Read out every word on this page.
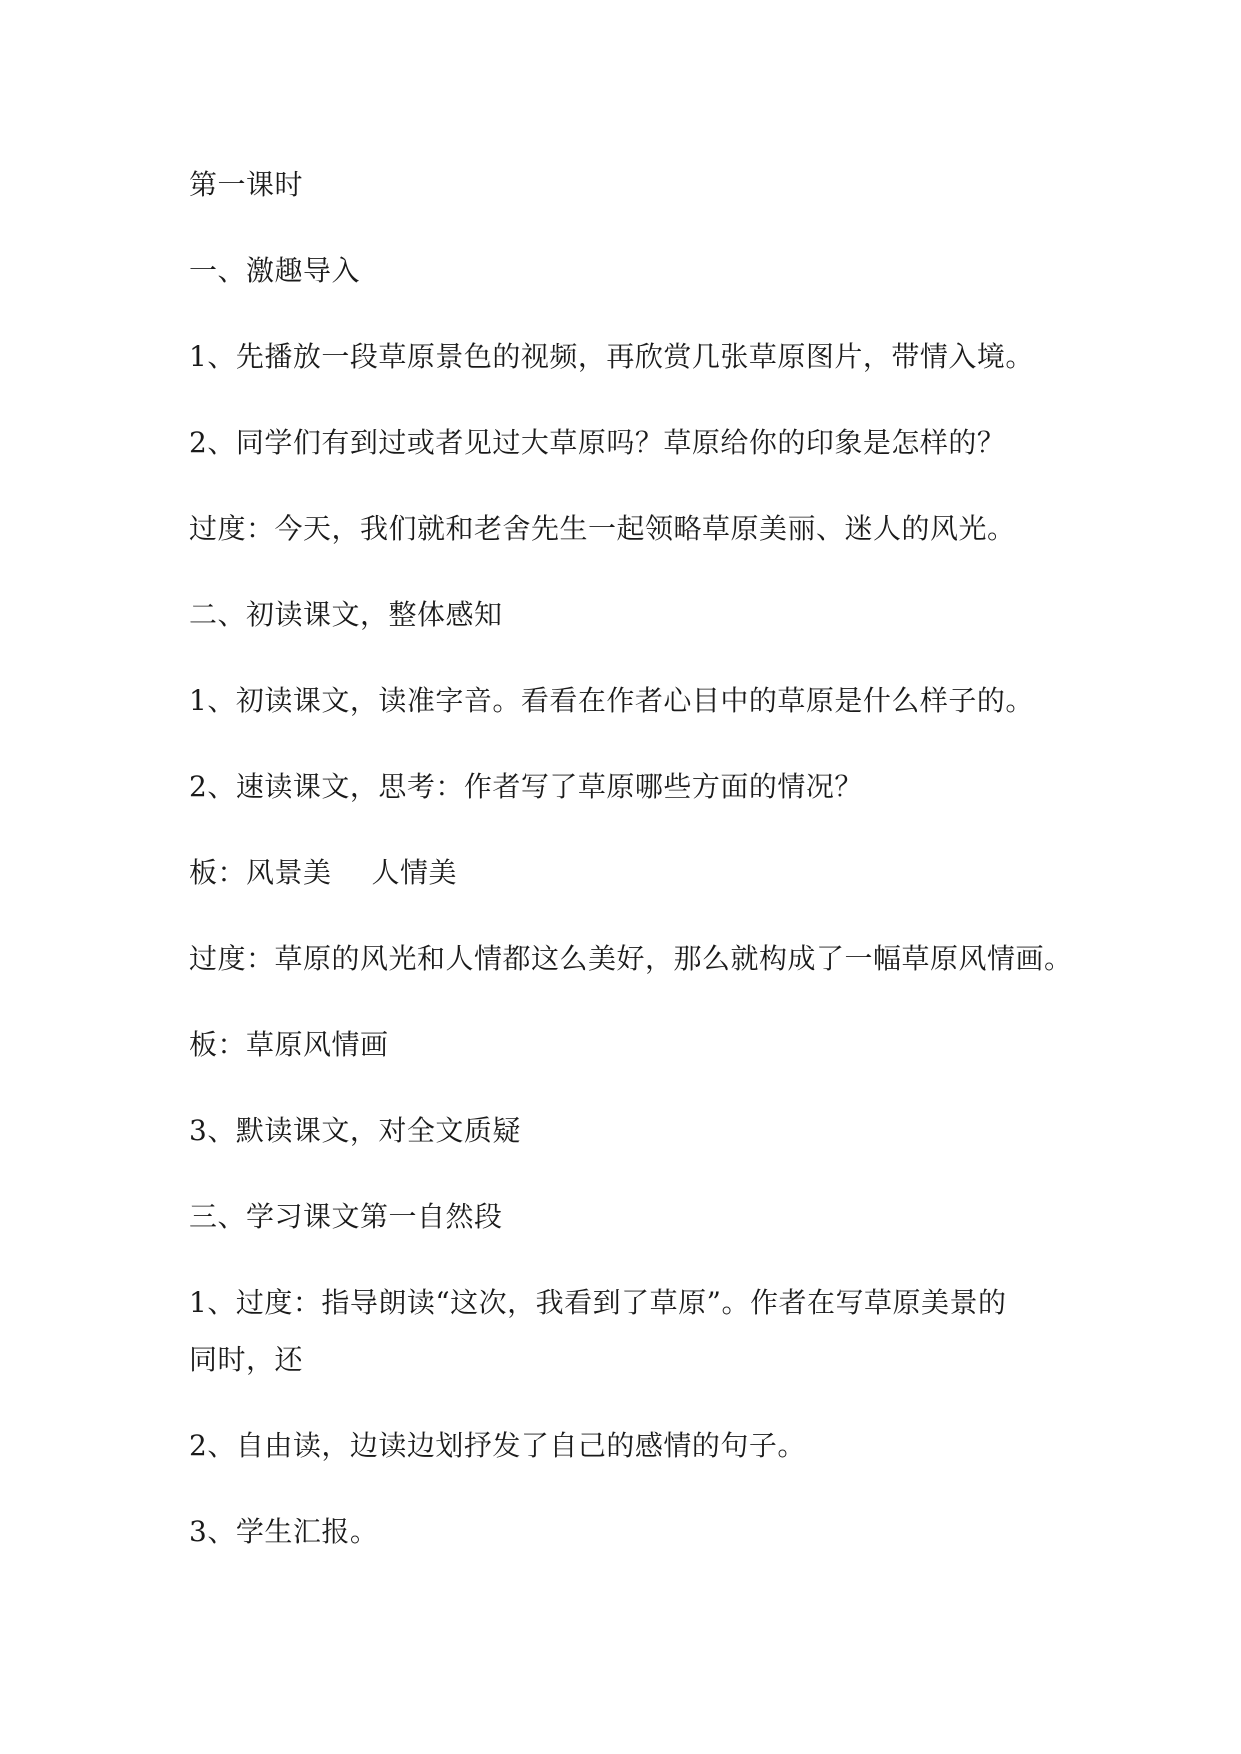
第一课时
一、激趣导入
1、先播放一段草原景色的视频，再欣赏几张草原图片，带情入境。
2、同学们有到过或者见过大草原吗？草原给你的印象是怎样的？
过度：今天，我们就和老舍先生一起领略草原美丽、迷人的风光。
二、初读课文，整体感知
1、初读课文，读准字音。看看在作者心目中的草原是什么样子的。
2、速读课文，思考：作者写了草原哪些方面的情况？
板：风景美 人情美
过度：草原的风光和人情都这么美好，那么就构成了一幅草原风情画。
板：草原风情画
3、默读课文，对全文质疑
三、学习课文第一自然段
1、过度：指导朗读“这次，我看到了草原”。作者在写草原美景的
同时，还
2、自由读，边读边划抒发了自己的感情的句子。
3、学生汇报。
